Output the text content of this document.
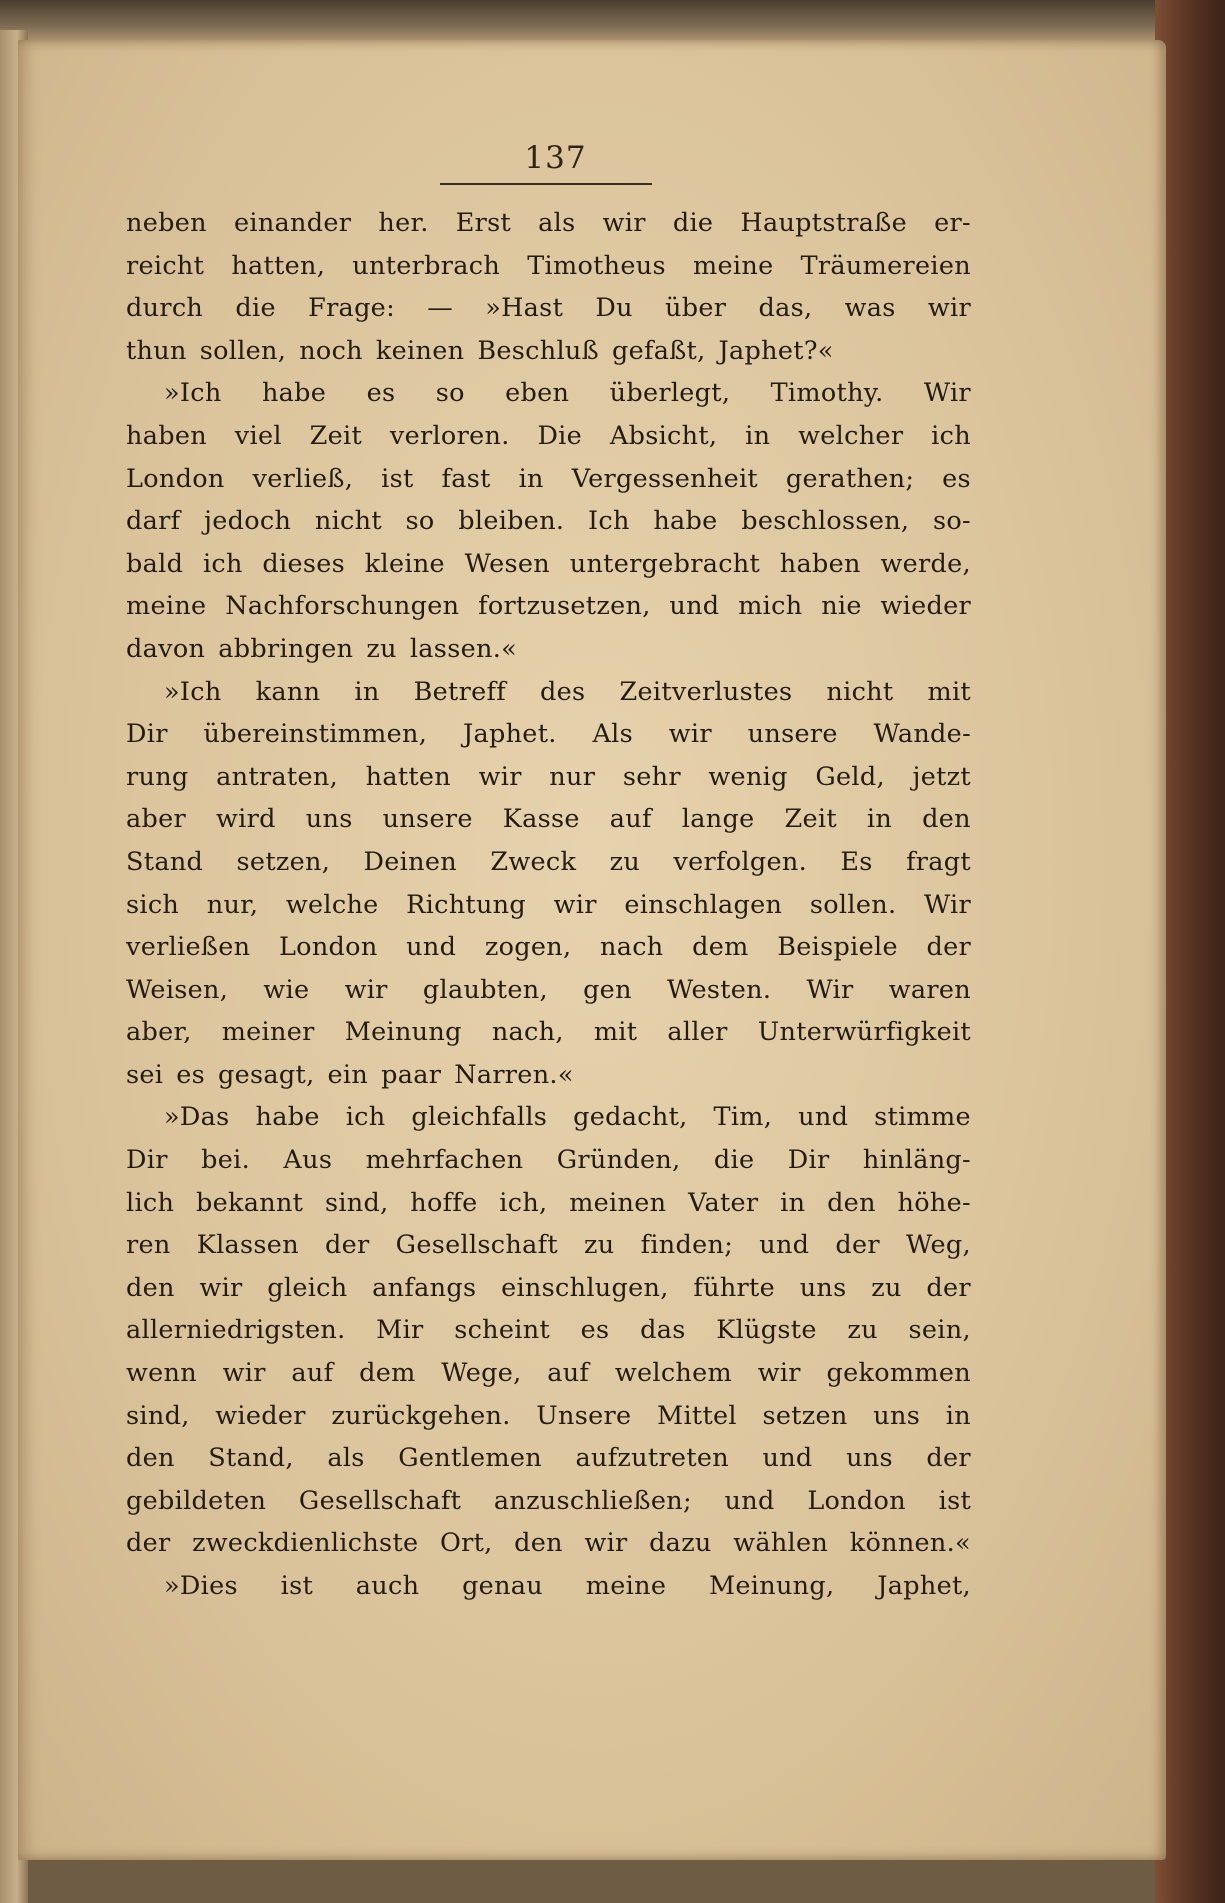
137
neben einander her. Erst als wir die Hauptstraße er-
reicht hatten, unterbrach Timotheus meine Träumereien
durch die Frage: — »Hast Du über das, was wir
thun sollen, noch keinen Beschluß gefaßt, Japhet?«
»Ich habe es so eben überlegt, Timothy. Wir
haben viel Zeit verloren. Die Absicht, in welcher ich
London verließ, ist fast in Vergessenheit gerathen; es
darf jedoch nicht so bleiben. Ich habe beschlossen, so-
bald ich dieses kleine Wesen untergebracht haben werde,
meine Nachforschungen fortzusetzen, und mich nie wieder
davon abbringen zu lassen.«
»Ich kann in Betreff des Zeitverlustes nicht mit
Dir übereinstimmen, Japhet. Als wir unsere Wande-
rung antraten, hatten wir nur sehr wenig Geld, jetzt
aber wird uns unsere Kasse auf lange Zeit in den
Stand setzen, Deinen Zweck zu verfolgen. Es fragt
sich nur, welche Richtung wir einschlagen sollen. Wir
verließen London und zogen, nach dem Beispiele der
Weisen, wie wir glaubten, gen Westen. Wir waren
aber, meiner Meinung nach, mit aller Unterwürfigkeit
sei es gesagt, ein paar Narren.«
»Das habe ich gleichfalls gedacht, Tim, und stimme
Dir bei. Aus mehrfachen Gründen, die Dir hinläng-
lich bekannt sind, hoffe ich, meinen Vater in den höhe-
ren Klassen der Gesellschaft zu finden; und der Weg,
den wir gleich anfangs einschlugen, führte uns zu der
allerniedrigsten. Mir scheint es das Klügste zu sein,
wenn wir auf dem Wege, auf welchem wir gekommen
sind, wieder zurückgehen. Unsere Mittel setzen uns in
den Stand, als Gentlemen aufzutreten und uns der
gebildeten Gesellschaft anzuschließen; und London ist
der zweckdienlichste Ort, den wir dazu wählen können.«
»Dies ist auch genau meine Meinung, Japhet,
